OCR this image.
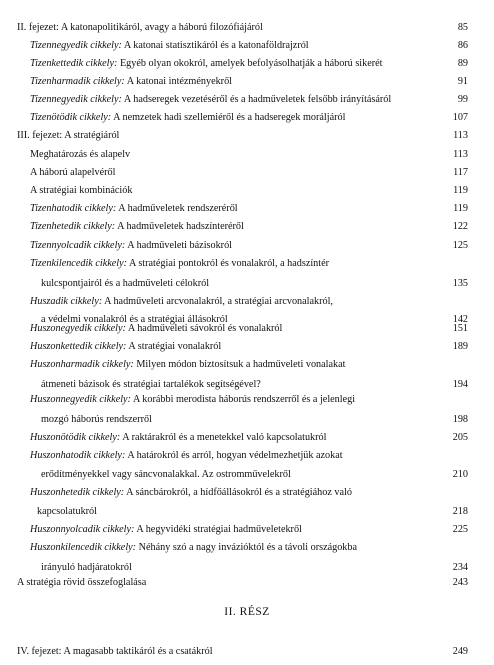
II. fejezet: A katonapolitikáról, avagy a háború filozófiájáról	85
Tizennegyedik cikkely: A katonai statisztikáról és a katonaföldrajzról	86
Tizenkettedik cikkely: Egyéb olyan okokról, amelyek befolyásolhatják a háború sikerét	89
Tizenharmadik cikkely: A katonai intézményekről	91
Tizennegyedik cikkely: A hadseregek vezetéséről és a hadműveletek felsőbb irányításáról	99
Tizenötödik cikkely: A nemzetek hadi szellemiéről és a hadseregek moráljáról	107
III. fejezet: A stratégiáról	113
Meghatározás és alapelv	113
A háború alapelvéről	117
A stratégiai kombinációk	119
Tizenhatodik cikkely: A hadműveletek rendszeréről	119
Tizenhetedik cikkely: A hadműveletek hadszínteréről	122
Tizennyolcadik cikkely: A hadműveleti bázisokról	125
Tizenkilencedik cikkely: A stratégiai pontokról és vonalakról, a hadszíntér
kulcspontjairól és a hadműveleti célokról	135
Huszadik cikkely: A hadműveleti arcvonalakról, a stratégiai arcvonalakról,
a védelmi vonalakról és a stratégiai állásokról	142
Huszonegyedik cikkely: A hadműveleti sávokról és vonalakról	151
Huszonkettedik cikkely: A stratégiai vonalakról	189
Huszonharmadik cikkely: Milyen módon biztosítsuk a hadműveleti vonalakat
átmeneti bázisok és stratégiai tartalékok segítségével?	194
Huszonnegyedik cikkely: A korábbi merodista háborús rendszerről és a jelenlegi
mozgó háborús rendszerről	198
Huszonötödik cikkely: A raktárakról és a menetekkel való kapcsolatukról	205
Huszonhatodik cikkely: A határokról és arról, hogyan védelmezhetjük azokat
erődítményekkel vagy sáncvonalakkal. Az ostromművelekről	210
Huszonhetedik cikkely: A sáncbárokról, a hídfőállásokról és a stratégiához való
kapcsolatukról	218
Huszonnyolcadik cikkely: A hegyvidéki stratégiai hadműveletekről	225
Huszonkilencedik cikkely: Néhány szó a nagy invázióktól és a távoli országokba
irányuló hadjáratokról	234
A stratégia rövid összefoglalása	243
II. RÉSZ
IV. fejezet: A magasabb taktikáról és a csatákról	249
